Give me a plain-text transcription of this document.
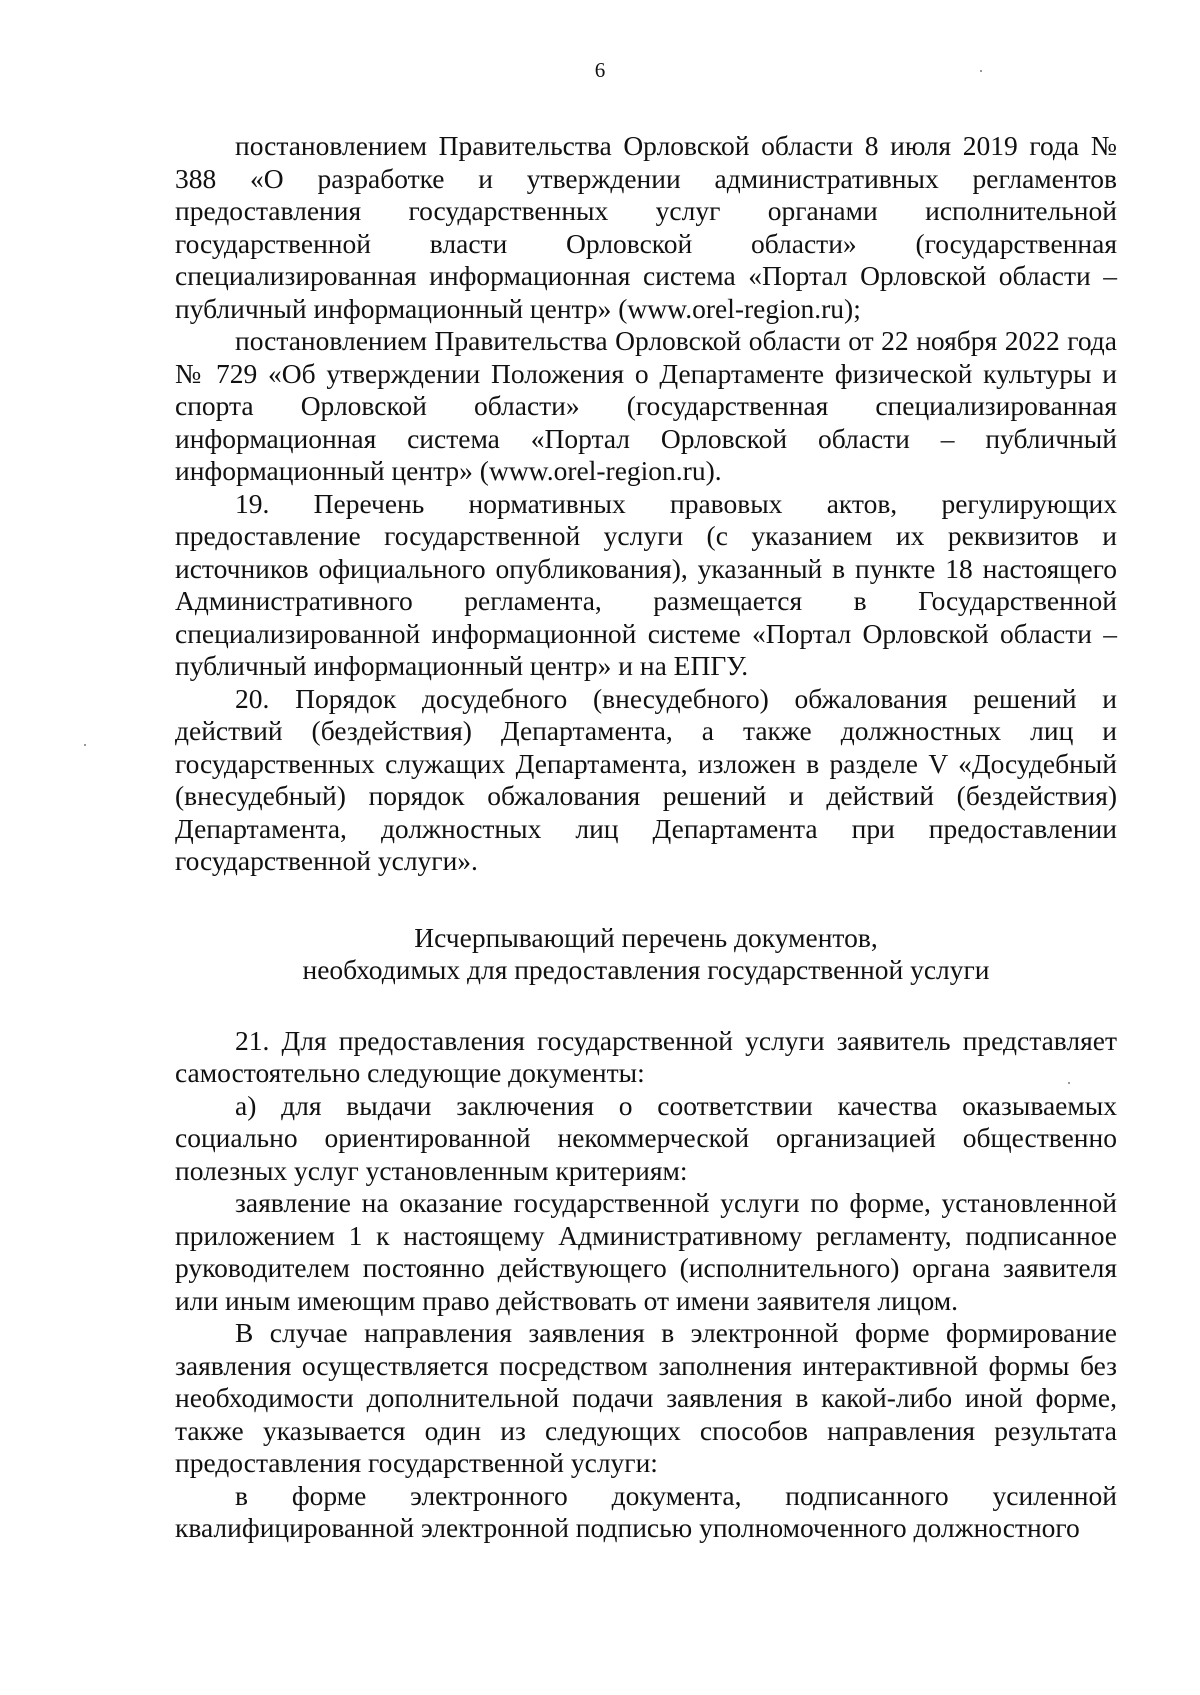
6

постановлением Правительства Орловской области 8 июля 2019 года № 388 «О разработке и утверждении административных регламентов предоставления государственных услуг органами исполнительной государственной власти Орловской области» (государственная специализированная информационная система «Портал Орловской области – публичный информационный центр» (www.orel-region.ru);

постановлением Правительства Орловской области от 22 ноября 2022 года № 729 «Об утверждении Положения о Департаменте физической культуры и спорта Орловской области» (государственная специализированная информационная система «Портал Орловской области – публичный информационный центр» (www.orel-region.ru).

19. Перечень нормативных правовых актов, регулирующих предоставление государственной услуги (с указанием их реквизитов и источников официального опубликования), указанный в пункте 18 настоящего Административного регламента, размещается в Государственной специализированной информационной системе «Портал Орловской области – публичный информационный центр» и на ЕПГУ.

20. Порядок досудебного (внесудебного) обжалования решений и действий (бездействия) Департамента, а также должностных лиц и государственных служащих Департамента, изложен в разделе V «Досудебный (внесудебный) порядок обжалования решений и действий (бездействия) Департамента, должностных лиц Департамента при предоставлении государственной услуги».

Исчерпывающий перечень документов,
необходимых для предоставления государственной услуги

21. Для предоставления государственной услуги заявитель представляет самостоятельно следующие документы:

а) для выдачи заключения о соответствии качества оказываемых социально ориентированной некоммерческой организацией общественно полезных услуг установленным критериям:

заявление на оказание государственной услуги по форме, установленной приложением 1 к настоящему Административному регламенту, подписанное руководителем постоянно действующего (исполнительного) органа заявителя или иным имеющим право действовать от имени заявителя лицом.

В случае направления заявления в электронной форме формирование заявления осуществляется посредством заполнения интерактивной формы без необходимости дополнительной подачи заявления в какой-либо иной форме, также указывается один из следующих способов направления результата предоставления государственной услуги:

в форме электронного документа, подписанного усиленной квалифицированной электронной подписью уполномоченного должностного
